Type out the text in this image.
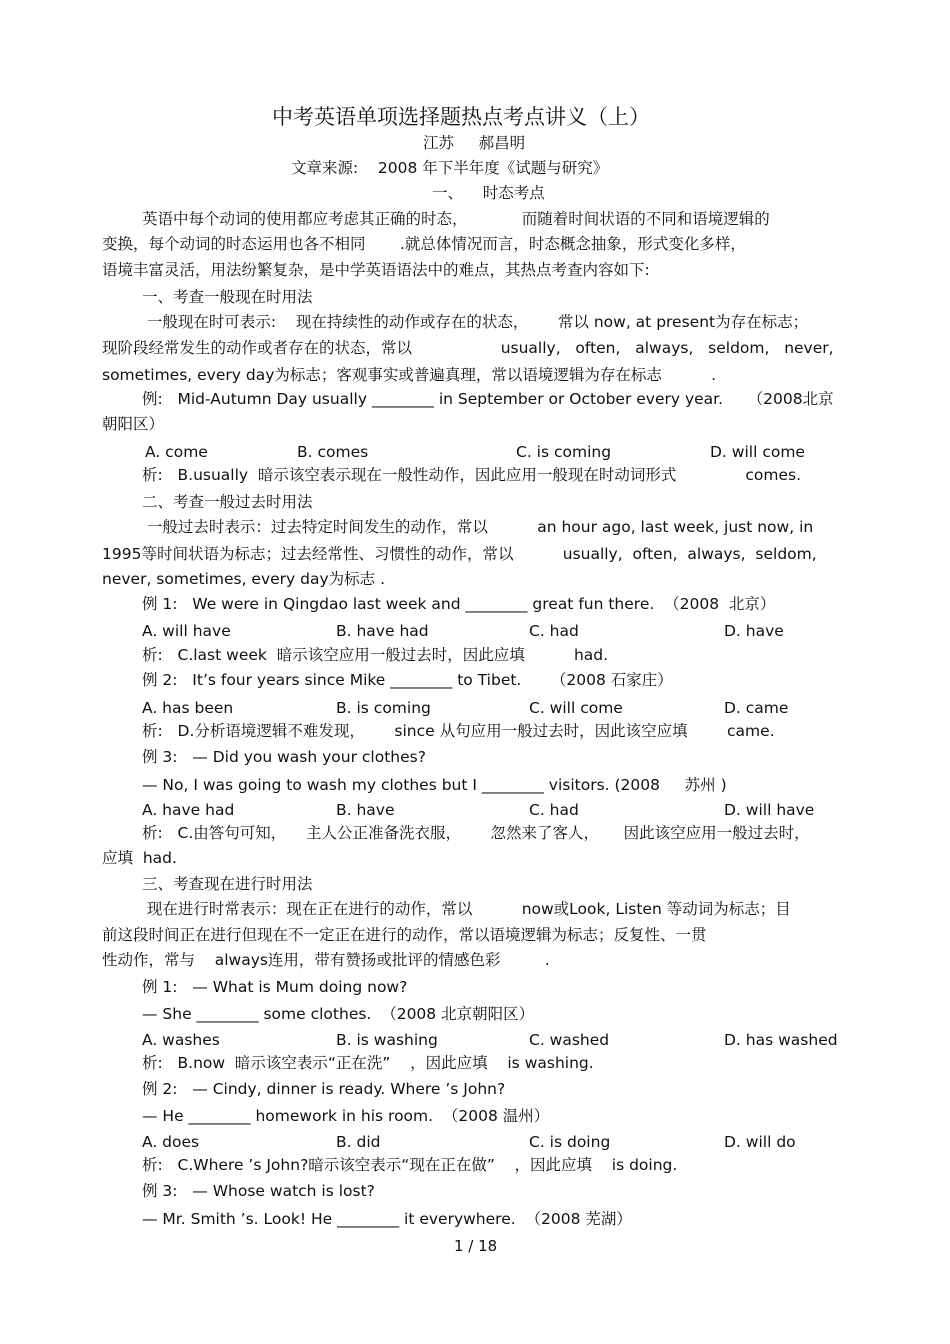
中考英语单项选择题热点考点讲义（上）
江苏     郝昌明
文章来源:    2008 年下半年度《试题与研究》
一、    时态考点
英语中每个动词的使用都应考虑其正确的时态，           而随着时间状语的不同和语境逻辑的
变换，每个动词的时态运用也各不相同       .就总体情况而言，时态概念抽象，形式变化多样，
语境丰富灵活，用法纷繁复杂，是中学英语语法中的难点，其热点考查内容如下:
一、考查一般现在时用法
一般现在时可表示:    现在持续性的动作或存在的状态，      常以 now, at present为存在标志；
现阶段经常发生的动作或者存在的状态，常以                  usually,   often,   always,   seldom,   never,
sometimes, every day为标志；客观事实或普遍真理，常以语境逻辑为存在标志          .
例:   Mid-Autumn Day usually ________ in September or October every year.     （2008北京
朝阳区）
A. come	B. comes	C. is coming	D. will come
析:   B.usually  暗示该空表示现在一般性动作，因此应用一般现在时动词形式              comes.
二、考查一般过去时用法
一般过去时表示：过去特定时间发生的动作，常以          an hour ago, last week, just now, in
1995等时间状语为标志；过去经常性、习惯性的动作，常以          usually,  often,  always,  seldom,
never, sometimes, every day为标志 .
例 1:   We were in Qingdao last week and ________ great fun there.  （2008  北京）
A. will have	B. have had	C. had	D. have
析:   C.last week  暗示该空应用一般过去时，因此应填          had.
例 2:   It’s four years since Mike ________ to Tibet.      （2008 石家庄）
A. has been	B. is coming	C. will come	D. came
析:   D.分析语境逻辑不难发现，      since 从句应用一般过去时，因此该空应填        came.
例 3:   — Did you wash your clothes?
— No, I was going to wash my clothes but I ________ visitors. (2008     苏州 )
A. have had	B. have	C. had	D. will have
析:   C.由答句可知，    主人公正准备洗衣服，      忽然来了客人，     因此该空应用一般过去时，
应填  had.
三、考查现在进行时用法
现在进行时常表示：现在正在进行的动作，常以          now或Look, Listen 等动词为标志；目
前这段时间正在进行但现在不一定正在进行的动作，常以语境逻辑为标志；反复性、一贯
性动作，常与    always连用，带有赞扬或批评的情感色彩         .
例 1:   — What is Mum doing now?
— She ________ some clothes.  （2008 北京朝阳区）
A. washes	B. is washing	C. washed	D. has washed
析:   B.now  暗示该空表示“正在洗”    ，因此应填    is washing.
例 2:   — Cindy, dinner is ready. Where ’s John?
— He ________ homework in his room.  （2008 温州）
A. does	B. did	C. is doing	D. will do
析:   C.Where ’s John?暗示该空表示“现在正在做”    ，因此应填    is doing.
例 3:   — Whose watch is lost?
— Mr. Smith ’s. Look! He ________ it everywhere.  （2008 芜湖）
1 / 18
